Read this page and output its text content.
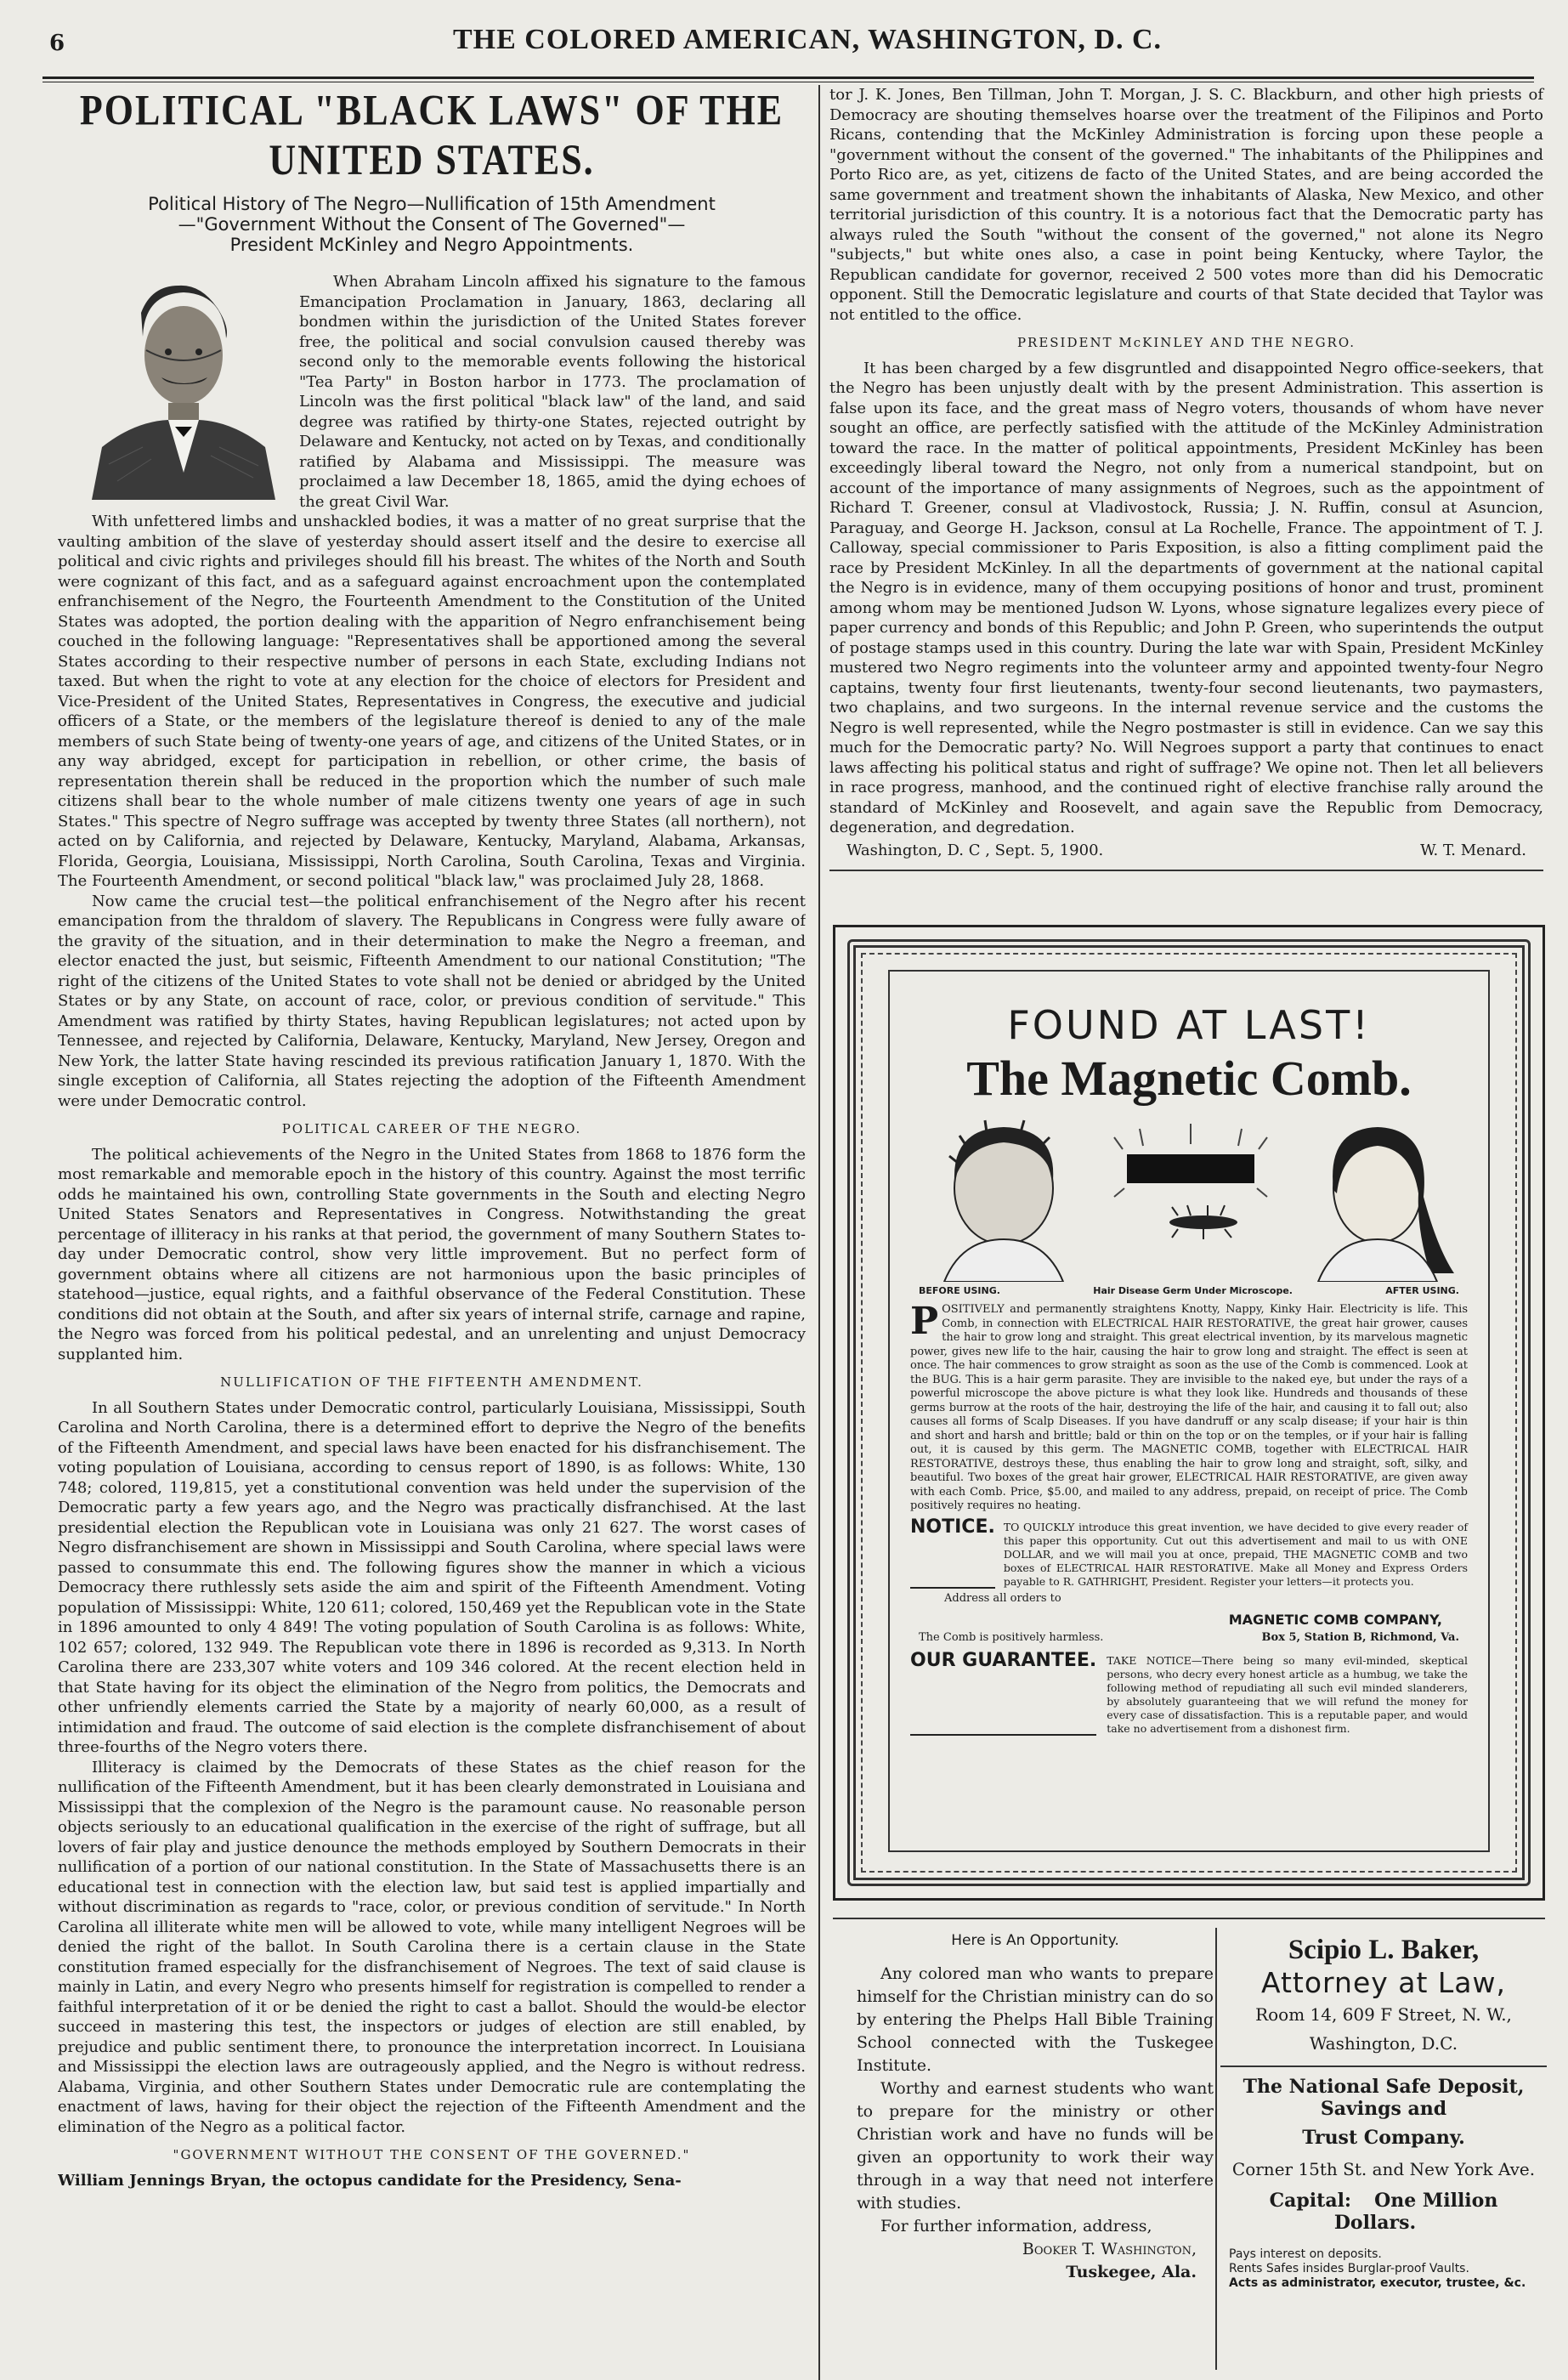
6	THE COLORED AMERICAN, WASHINGTON, D. C.
POLITICAL "BLACK LAWS" OF THE UNITED STATES.
Political History of The Negro—Nullification of 15th Amendment
—"Government Without the Consent of The Governed"—
President McKinley and Negro Appointments.

When Abraham Lincoln affixed his signature to the famous Emancipation Proclamation in January, 1863, declaring all bondmen within the jurisdiction of the United States forever free, the political and social convulsion caused thereby was second only to the memorable events following the historical "Tea Party" in Boston harbor in 1773. The proclamation of Lincoln was the first political "black law" of the land, and said degree was ratified by thirty-one States, rejected outright by Delaware and Kentucky, not acted on by Texas, and conditionally ratified by Alabama and Mississippi. The measure was proclaimed a law December 18, 1865, amid the dying echoes of the great Civil War.

With unfettered limbs and unshackled bodies, it was a matter of no great surprise that the vaulting ambition of the slave of yesterday should assert itself and the desire to exercise all political and civic rights and privileges should fill his breast. The whites of the North and South were cognizant of this fact, and as a safeguard against encroachment upon the contemplated enfranchisement of the Negro, the Fourteenth Amendment to the Constitution of the United States was adopted, the portion dealing with the apparition of Negro enfranchisement being couched in the following language: "Representatives shall be apportioned among the several States according to their respective number of persons in each State, excluding Indians not taxed. But when the right to vote at any election for the choice of electors for President and Vice-President of the United States, Representatives in Congress, the executive and judicial officers of a State, or the members of the legislature thereof is denied to any of the male members of such State being of twenty-one years of age, and citizens of the United States, or in any way abridged, except for participation in rebellion, or other crime, the basis of representation therein shall be reduced in the proportion which the number of such male citizens shall bear to the whole number of male citizens twenty one years of age in such States." This spectre of Negro suffrage was accepted by twenty three States (all northern), not acted on by California, and rejected by Delaware, Kentucky, Maryland, Alabama, Arkansas, Florida, Georgia, Louisiana, Mississippi, North Carolina, South Carolina, Texas and Virginia. The Fourteenth Amendment, or second political "black law," was proclaimed July 28, 1868.

Now came the crucial test—the political enfranchisement of the Negro after his recent emancipation from the thraldom of slavery. The Republicans in Congress were fully aware of the gravity of the situation, and in their determination to make the Negro a freeman, and elector enacted the just, but seismic, Fifteenth Amendment to our national Constitution; "The right of the citizens of the United States to vote shall not be denied or abridged by the United States or by any State, on account of race, color, or previous condition of servitude." This Amendment was ratified by thirty States, having Republican legislatures; not acted upon by Tennessee, and rejected by California, Delaware, Kentucky, Maryland, New Jersey, Oregon and New York, the latter State having rescinded its previous ratification January 1, 1870. With the single exception of California, all States rejecting the adoption of the Fifteenth Amendment were under Democratic control.

POLITICAL CAREER OF THE NEGRO.

The political achievements of the Negro in the United States from 1868 to 1876 form the most remarkable and memorable epoch in the history of this country. Against the most terrific odds he maintained his own, controlling State governments in the South and electing Negro United States Senators and Representatives in Congress. Notwithstanding the great percentage of illiteracy in his ranks at that period, the government of many Southern States to-day under Democratic control, show very little improvement. But no perfect form of government obtains where all citizens are not harmonious upon the basic principles of statehood—justice, equal rights, and a faithful observance of the Federal Constitution. These conditions did not obtain at the South, and after six years of internal strife, carnage and rapine, the Negro was forced from his political pedestal, and an unrelenting and unjust Democracy supplanted him.

NULLIFICATION OF THE FIFTEENTH AMENDMENT.

In all Southern States under Democratic control, particularly Louisiana, Mississippi, South Carolina and North Carolina, there is a determined effort to deprive the Negro of the benefits of the Fifteenth Amendment, and special laws have been enacted for his disfranchisement. The voting population of Louisiana, according to census report of 1890, is as follows: White, 130 748; colored, 119,815, yet a constitutional convention was held under the supervision of the Democratic party a few years ago, and the Negro was practically disfranchised. At the last presidential election the Republican vote in Louisiana was only 21 627. The worst cases of Negro disfranchisement are shown in Mississippi and South Carolina, where special laws were passed to consummate this end. The following figures show the manner in which a vicious Democracy there ruthlessly sets aside the aim and spirit of the Fifteenth Amendment. Voting population of Mississippi: White, 120 611; colored, 150,469 yet the Republican vote in the State in 1896 amounted to only 4 849! The voting population of South Carolina is as follows: White, 102 657; colored, 132 949. The Republican vote there in 1896 is recorded as 9,313. In North Carolina there are 233,307 white voters and 109 346 colored. At the recent election held in that State having for its object the elimination of the Negro from politics, the Democrats and other unfriendly elements carried the State by a majority of nearly 60,000, as a result of intimidation and fraud. The outcome of said election is the complete disfranchisement of about three-fourths of the Negro voters there.

Illiteracy is claimed by the Democrats of these States as the chief reason for the nullification of the Fifteenth Amendment, but it has been clearly demonstrated in Louisiana and Mississippi that the complexion of the Negro is the paramount cause. No reasonable person objects seriously to an educational qualification in the exercise of the right of suffrage, but all lovers of fair play and justice denounce the methods employed by Southern Democrats in their nullification of a portion of our national constitution. In the State of Massachusetts there is an educational test in connection with the election law, but said test is applied impartially and without discrimination as regards to "race, color, or previous condition of servitude." In North Carolina all illiterate white men will be allowed to vote, while many intelligent Negroes will be denied the right of the ballot. In South Carolina there is a certain clause in the State constitution framed especially for the disfranchisement of Negroes. The text of said clause is mainly in Latin, and every Negro who presents himself for registration is compelled to render a faithful interpretation of it or be denied the right to cast a ballot. Should the would-be elector succeed in mastering this test, the inspectors or judges of election are still enabled, by prejudice and public sentiment there, to pronounce the interpretation incorrect. In Louisiana and Mississippi the election laws are outrageously applied, and the Negro is without redress. Alabama, Virginia, and other Southern States under Democratic rule are contemplating the enactment of laws, having for their object the rejection of the Fifteenth Amendment and the elimination of the Negro as a political factor.

"GOVERNMENT WITHOUT THE CONSENT OF THE GOVERNED."
William Jennings Bryan, the octopus candidate for the Presidency, Sena-

tor J. K. Jones, Ben Tillman, John T. Morgan, J. S. C. Blackburn, and other high priests of Democracy are shouting themselves hoarse over the treatment of the Filipinos and Porto Ricans, contending that the McKinley Administration is forcing upon these people a "government without the consent of the governed." The inhabitants of the Philippines and Porto Rico are, as yet, citizens de facto of the United States, and are being accorded the same government and treatment shown the inhabitants of Alaska, New Mexico, and other territorial jurisdiction of this country. It is a notorious fact that the Democratic party has always ruled the South "without the consent of the governed," not alone its Negro "subjects," but white ones also, a case in point being Kentucky, where Taylor, the Republican candidate for governor, received 2 500 votes more than did his Democratic opponent. Still the Democratic legislature and courts of that State decided that Taylor was not entitled to the office.

PRESIDENT McKINLEY AND THE NEGRO.

It has been charged by a few disgruntled and disappointed Negro office-seekers, that the Negro has been unjustly dealt with by the present Administration. This assertion is false upon its face, and the great mass of Negro voters, thousands of whom have never sought an office, are perfectly satisfied with the attitude of the McKinley Administration toward the race. In the matter of political appointments, President McKinley has been exceedingly liberal toward the Negro, not only from a numerical standpoint, but on account of the importance of many assignments of Negroes, such as the appointment of Richard T. Greener, consul at Vladivostock, Russia; J. N. Ruffin, consul at Asuncion, Paraguay, and George H. Jackson, consul at La Rochelle, France. The appointment of T. J. Calloway, special commissioner to Paris Exposition, is also a fitting compliment paid the race by President McKinley. In all the departments of government at the national capital the Negro is in evidence, many of them occupying positions of honor and trust, prominent among whom may be mentioned Judson W. Lyons, whose signature legalizes every piece of paper currency and bonds of this Republic; and John P. Green, who superintends the output of postage stamps used in this country. During the late war with Spain, President McKinley mustered two Negro regiments into the volunteer army and appointed twenty-four Negro captains, twenty four first lieutenants, twenty-four second lieutenants, two paymasters, two chaplains, and two surgeons. In the internal revenue service and the customs the Negro is well represented, while the Negro postmaster is still in evidence. Can we say this much for the Democratic party? No. Will Negroes support a party that continues to enact laws affecting his political status and right of suffrage? We opine not. Then let all believers in race progress, manhood, and the continued right of elective franchise rally around the standard of McKinley and Roosevelt, and again save the Republic from Democracy, degeneration, and degredation.

Washington, D. C , Sept. 5, 1900.	W. T. Menard.
FOUND AT LAST!
The Magnetic Comb.
BEFORE USING.	Hair Disease Germ Under Microscope.	AFTER USING.
P OSITIVELY and permanently straightens Knotty, Nappy, Kinky Hair. Electricity is life. This Comb, in connection with ELECTRICAL HAIR RESTORATIVE, the great hair grower, causes the hair to grow long and straight. This great electrical invention, by its marvelous magnetic power, gives new life to the hair, causing the hair to grow long and straight. The effect is seen at once. The hair commences to grow straight as soon as the use of the Comb is commenced. Look at the BUG. This is a hair germ parasite. They are invisible to the naked eye, but under the rays of a powerful microscope the above picture is what they look like. Hundreds and thousands of these germs burrow at the roots of the hair, destroying the life of the hair, and causing it to fall out; also causes all forms of Scalp Diseases. If you have dandruff or any scalp disease; if your hair is thin and short and harsh and brittle; bald or thin on the top or on the temples, or if your hair is falling out, it is caused by this germ. The MAGNETIC COMB, together with ELECTRICAL HAIR RESTORATIVE, destroys these, thus enabling the hair to grow long and straight, soft, silky, and beautiful. Two boxes of the great hair grower, ELECTRICAL HAIR RESTORATIVE, are given away with each Comb. Price, $5.00, and mailed to any address, prepaid, on receipt of price. The Comb positively requires no heating.
NOTICE. TO QUICKLY introduce this great invention, we have decided to give every reader of this paper this opportunity. Cut out this advertisement and mail to us with ONE DOLLAR, and we will mail you at once, prepaid, THE MAGNETIC COMB and two boxes of ELECTRICAL HAIR RESTORATIVE. Make all Money and Express Orders payable to R. GATHRIGHT, President. Register your letters—it protects you.
Address all orders to
MAGNETIC COMB COMPANY,
The Comb is positively harmless.	Box 5, Station B, Richmond, Va.
OUR GUARANTEE. TAKE NOTICE—There being so many evil-minded, skeptical persons, who decry every honest article as a humbug, we take the following method of repudiating all such evil minded slanderers, by absolutely guaranteeing that we will refund the money for every case of dissatisfaction. This is a reputable paper, and would take no advertisement from a dishonest firm.
Here is An Opportunity.

Any colored man who wants to prepare himself for the Christian ministry can do so by entering the Phelps Hall Bible Training School connected with the Tuskegee Institute.

Worthy and earnest students who want to prepare for the ministry or other Christian work and have no funds will be given an opportunity to work their way through in a way that need not interfere with studies.

For further information, address,

Booker T. Washington,
Tuskegee, Ala.
Scipio L. Baker,
Attorney at Law,
Room 14, 609 F Street, N. W.,
Washington, D.C.
The National Safe Deposit, Savings and
Trust Company.
Corner 15th St. and New York Ave.
Capital: One Million Dollars.
Pays interest on deposits.
Rents Safes insides Burglar-proof Vaults.
Acts as administrator, executor, trustee, &c.
